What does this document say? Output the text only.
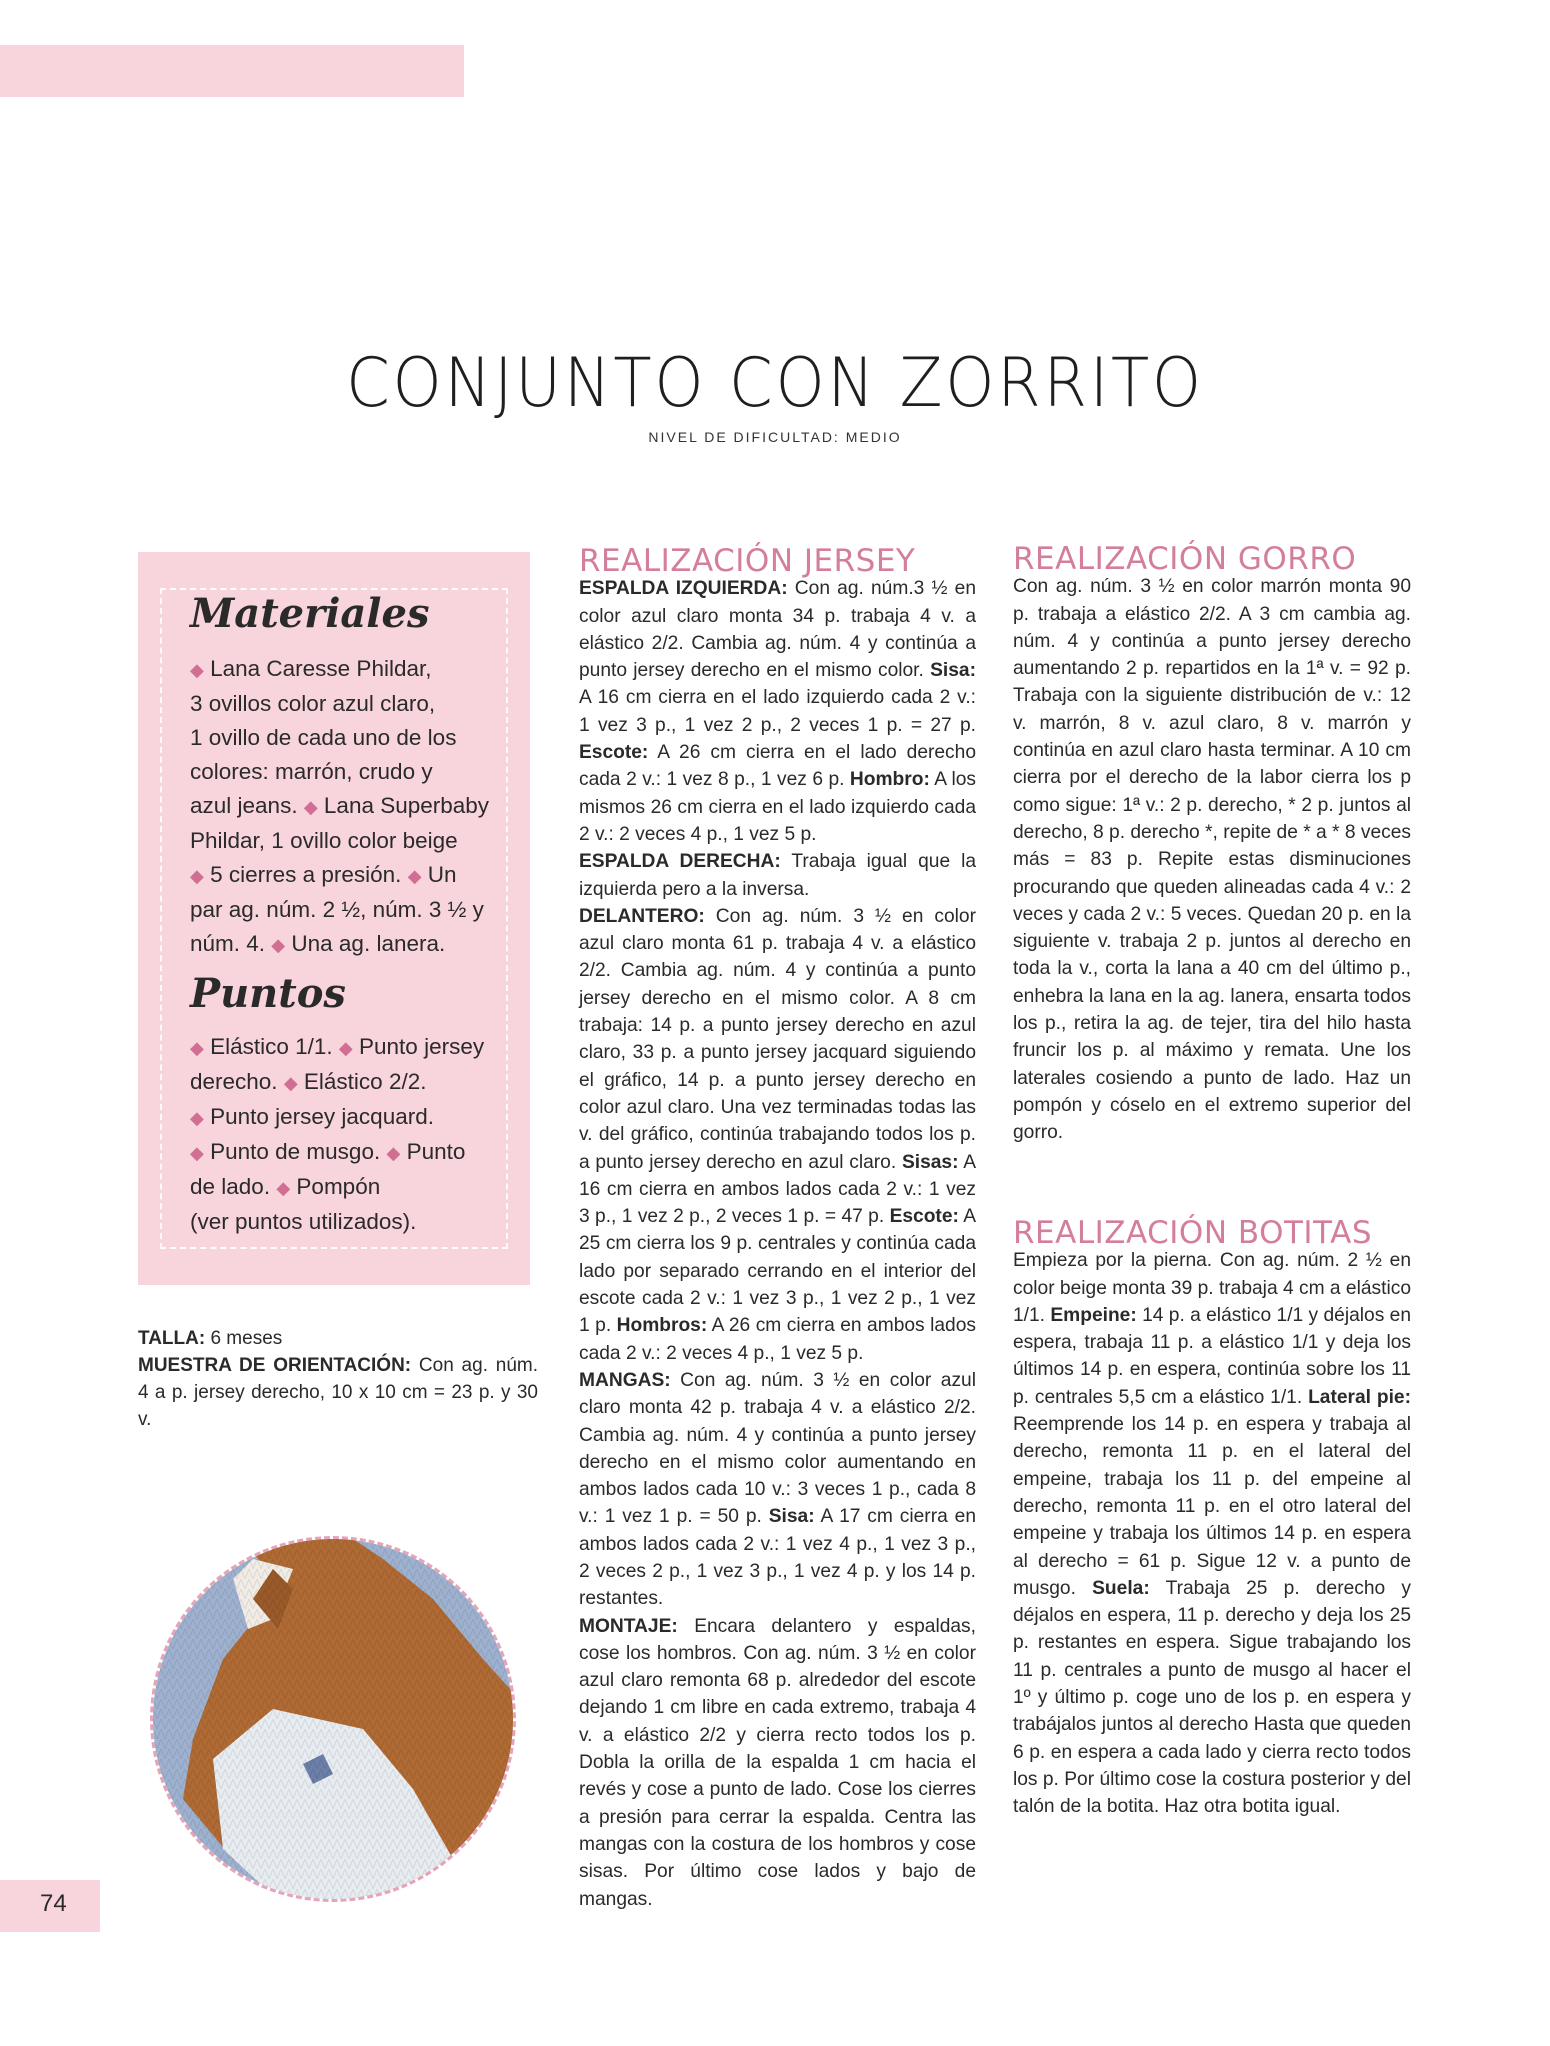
CONJUNTO CON ZORRITO
NIVEL DE DIFICULTAD: MEDIO
Materiales
◆ Lana Caresse Phildar,
3 ovillos color azul claro,
1 ovillo de cada uno de los
colores: marrón, crudo y
azul jeans. ◆ Lana Superbaby
Phildar, 1 ovillo color beige
◆ 5 cierres a presión. ◆ Un
par ag. núm. 2 ½, núm. 3 ½ y
núm. 4. ◆ Una ag. lanera.
Puntos
◆ Elástico 1/1. ◆ Punto jersey
derecho. ◆ Elástico 2/2.
◆ Punto jersey jacquard.
◆ Punto de musgo. ◆ Punto
de lado. ◆ Pompón
(ver puntos utilizados).
TALLA: 6 meses
MUESTRA DE ORIENTACIÓN: Con ag. núm. 4 a p. jersey derecho, 10 x 10 cm = 23 p. y 30 v.
74
REALIZACIÓN JERSEY

ESPALDA IZQUIERDA: Con ag. núm.3 ½ en color azul claro monta 34 p. trabaja 4 v. a elástico 2/2. Cambia ag. núm. 4 y continúa a punto jersey derecho en el mismo color. Sisa: A 16 cm cierra en el lado izquierdo cada 2 v.: 1 vez 3 p., 1 vez 2 p., 2 veces 1 p. = 27 p. Escote: A 26 cm cierra en el lado derecho cada 2 v.: 1 vez 8 p., 1 vez 6 p. Hombro: A los mismos 26 cm cierra en el lado izquierdo cada 2 v.: 2 veces 4 p., 1 vez 5 p.

ESPALDA DERECHA: Trabaja igual que la izquierda pero a la inversa.

DELANTERO: Con ag. núm. 3 ½ en color azul claro monta 61 p. trabaja 4 v. a elástico 2/2. Cambia ag. núm. 4 y continúa a punto jersey derecho en el mismo color. A 8 cm trabaja: 14 p. a punto jersey derecho en azul claro, 33 p. a punto jersey jacquard siguiendo el gráfico, 14 p. a punto jersey derecho en color azul claro. Una vez terminadas todas las v. del gráfico, continúa trabajando todos los p. a punto jersey derecho en azul claro. Sisas: A 16 cm cierra en ambos lados cada 2 v.: 1 vez 3 p., 1 vez 2 p., 2 veces 1 p. = 47 p. Escote: A 25 cm cierra los 9 p. centrales y continúa cada lado por separado cerrando en el interior del escote cada 2 v.: 1 vez 3 p., 1 vez 2 p., 1 vez 1 p. Hombros: A 26 cm cierra en ambos lados cada 2 v.: 2 veces 4 p., 1 vez 5 p.

MANGAS: Con ag. núm. 3 ½ en color azul claro monta 42 p. trabaja 4 v. a elástico 2/2. Cambia ag. núm. 4 y continúa a punto jersey derecho en el mismo color aumentando en ambos lados cada 10 v.: 3 veces 1 p., cada 8 v.: 1 vez 1 p. = 50 p. Sisa: A 17 cm cierra en ambos lados cada 2 v.: 1 vez 4 p., 1 vez 3 p., 2 veces 2 p., 1 vez 3 p., 1 vez 4 p. y los 14 p. restantes.

MONTAJE: Encara delantero y espaldas, cose los hombros. Con ag. núm. 3 ½ en color azul claro remonta 68 p. alrededor del escote dejando 1 cm libre en cada extremo, trabaja 4 v. a elástico 2/2 y cierra recto todos los p. Dobla la orilla de la espalda 1 cm hacia el revés y cose a punto de lado. Cose los cierres a presión para cerrar la espalda. Centra las mangas con la costura de los hombros y cose sisas. Por último cose lados y bajo de mangas.

REALIZACIÓN GORRO

Con ag. núm. 3 ½ en color marrón monta 90 p. trabaja a elástico 2/2. A 3 cm cambia ag. núm. 4 y continúa a punto jersey derecho aumentando 2 p. repartidos en la 1ª v. = 92 p. Trabaja con la siguiente distribución de v.: 12 v. marrón, 8 v. azul claro, 8 v. marrón y continúa en azul claro hasta terminar. A 10 cm cierra por el derecho de la labor cierra los p como sigue: 1ª v.: 2 p. derecho, * 2 p. juntos al derecho, 8 p. derecho *, repite de * a * 8 veces más = 83 p. Repite estas disminuciones procurando que queden alineadas cada 4 v.: 2 veces y cada 2 v.: 5 veces. Quedan 20 p. en la siguiente v. trabaja 2 p. juntos al derecho en toda la v., corta la lana a 40 cm del último p., enhebra la lana en la ag. lanera, ensarta todos los p., retira la ag. de tejer, tira del hilo hasta fruncir los p. al máximo y remata. Une los laterales cosiendo a punto de lado. Haz un pompón y cóselo en el extremo superior del gorro.

REALIZACIÓN BOTITAS

Empieza por la pierna. Con ag. núm. 2 ½ en color beige monta 39 p. trabaja 4 cm a elástico 1/1. Empeine: 14 p. a elástico 1/1 y déjalos en espera, trabaja 11 p. a elástico 1/1 y deja los últimos 14 p. en espera, continúa sobre los 11 p. centrales 5,5 cm a elástico 1/1. Lateral pie: Reemprende los 14 p. en espera y trabaja al derecho, remonta 11 p. en el lateral del empeine, trabaja los 11 p. del empeine al derecho, remonta 11 p. en el otro lateral del empeine y trabaja los últimos 14 p. en espera al derecho = 61 p. Sigue 12 v. a punto de musgo. Suela: Trabaja 25 p. derecho y déjalos en espera, 11 p. derecho y deja los 25 p. restantes en espera. Sigue trabajando los 11 p. centrales a punto de musgo al hacer el 1º y último p. coge uno de los p. en espera y trabájalos juntos al derecho Hasta que queden 6 p. en espera a cada lado y cierra recto todos los p. Por último cose la costura posterior y del talón de la botita. Haz otra botita igual.
